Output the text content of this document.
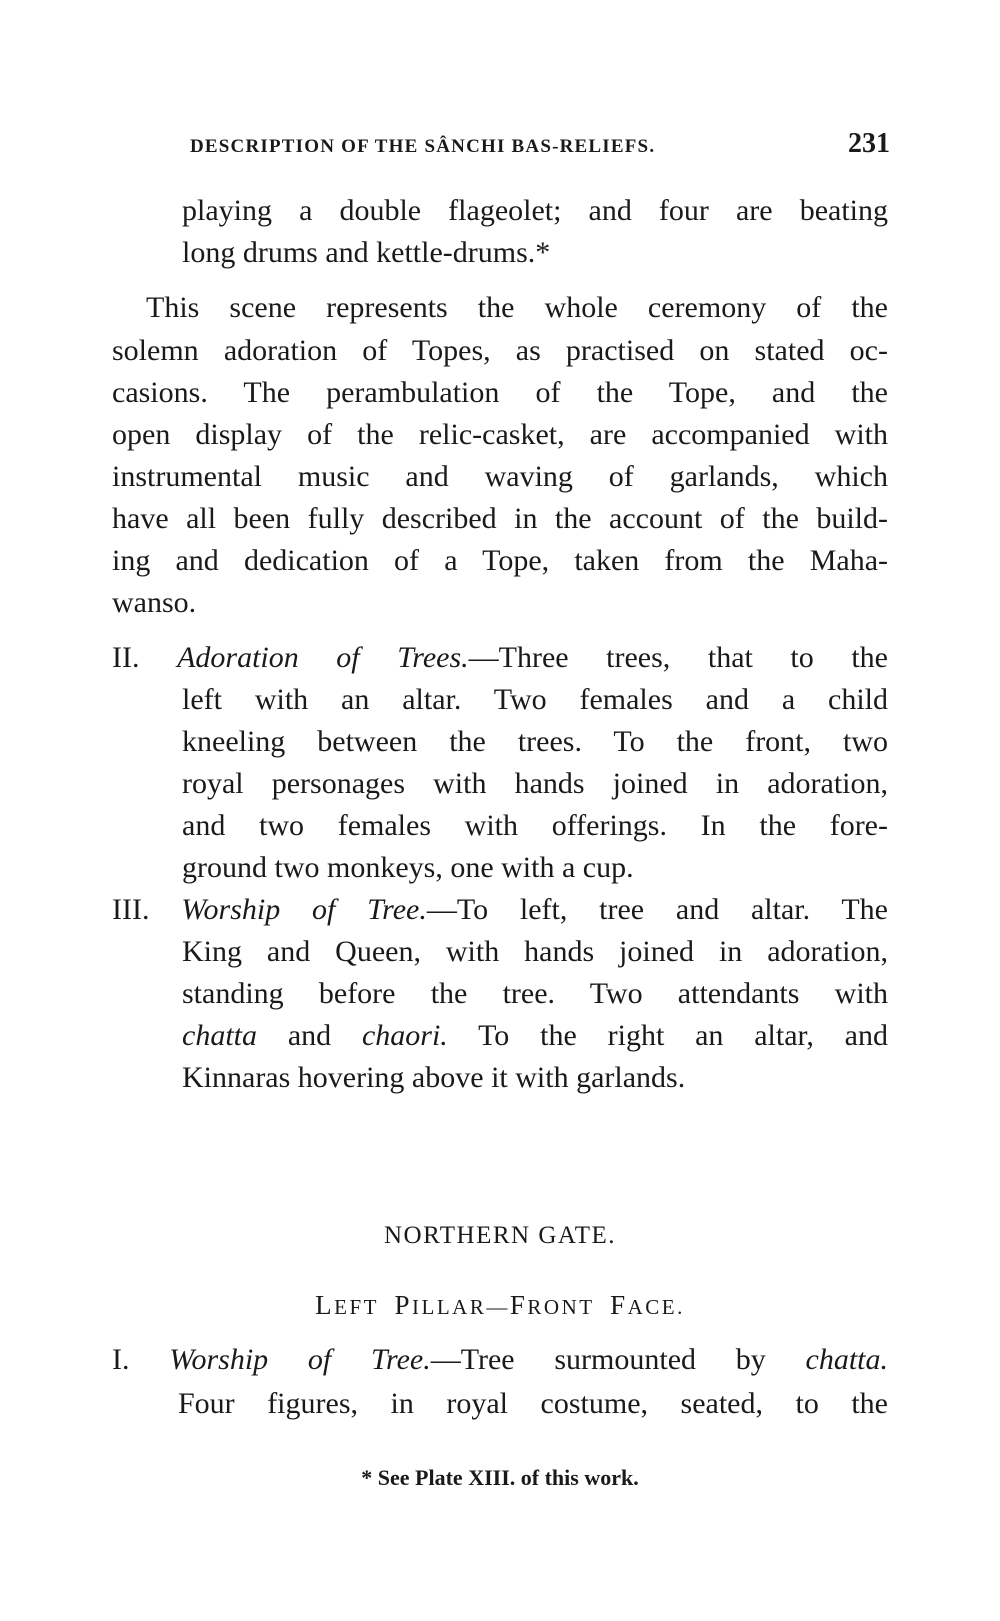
DESCRIPTION OF THE SÂNCHI BAS-RELIEFS.	231
playing a double flageolet; and four are beating
long drums and kettle-drums.*
This scene represents the whole ceremony of the
solemn adoration of Topes, as practised on stated oc-
casions. The perambulation of the Tope, and the
open display of the relic-casket, are accompanied with
instrumental music and waving of garlands, which
have all been fully described in the account of the build-
ing and dedication of a Tope, taken from the Maha-
wanso.
II. Adoration of Trees.—Three trees, that to the
left with an altar. Two females and a child
kneeling between the trees. To the front, two
royal personages with hands joined in adoration,
and two females with offerings. In the fore-
ground two monkeys, one with a cup.
III. Worship of Tree.—To left, tree and altar. The
King and Queen, with hands joined in adoration,
standing before the tree. Two attendants with
chatta and chaori. To the right an altar, and
Kinnaras hovering above it with garlands.
NORTHERN GATE.
LEFT PILLAR—FRONT FACE.
I. Worship of Tree.—Tree surmounted by chatta.
Four figures, in royal costume, seated, to the
* See Plate XIII. of this work.
